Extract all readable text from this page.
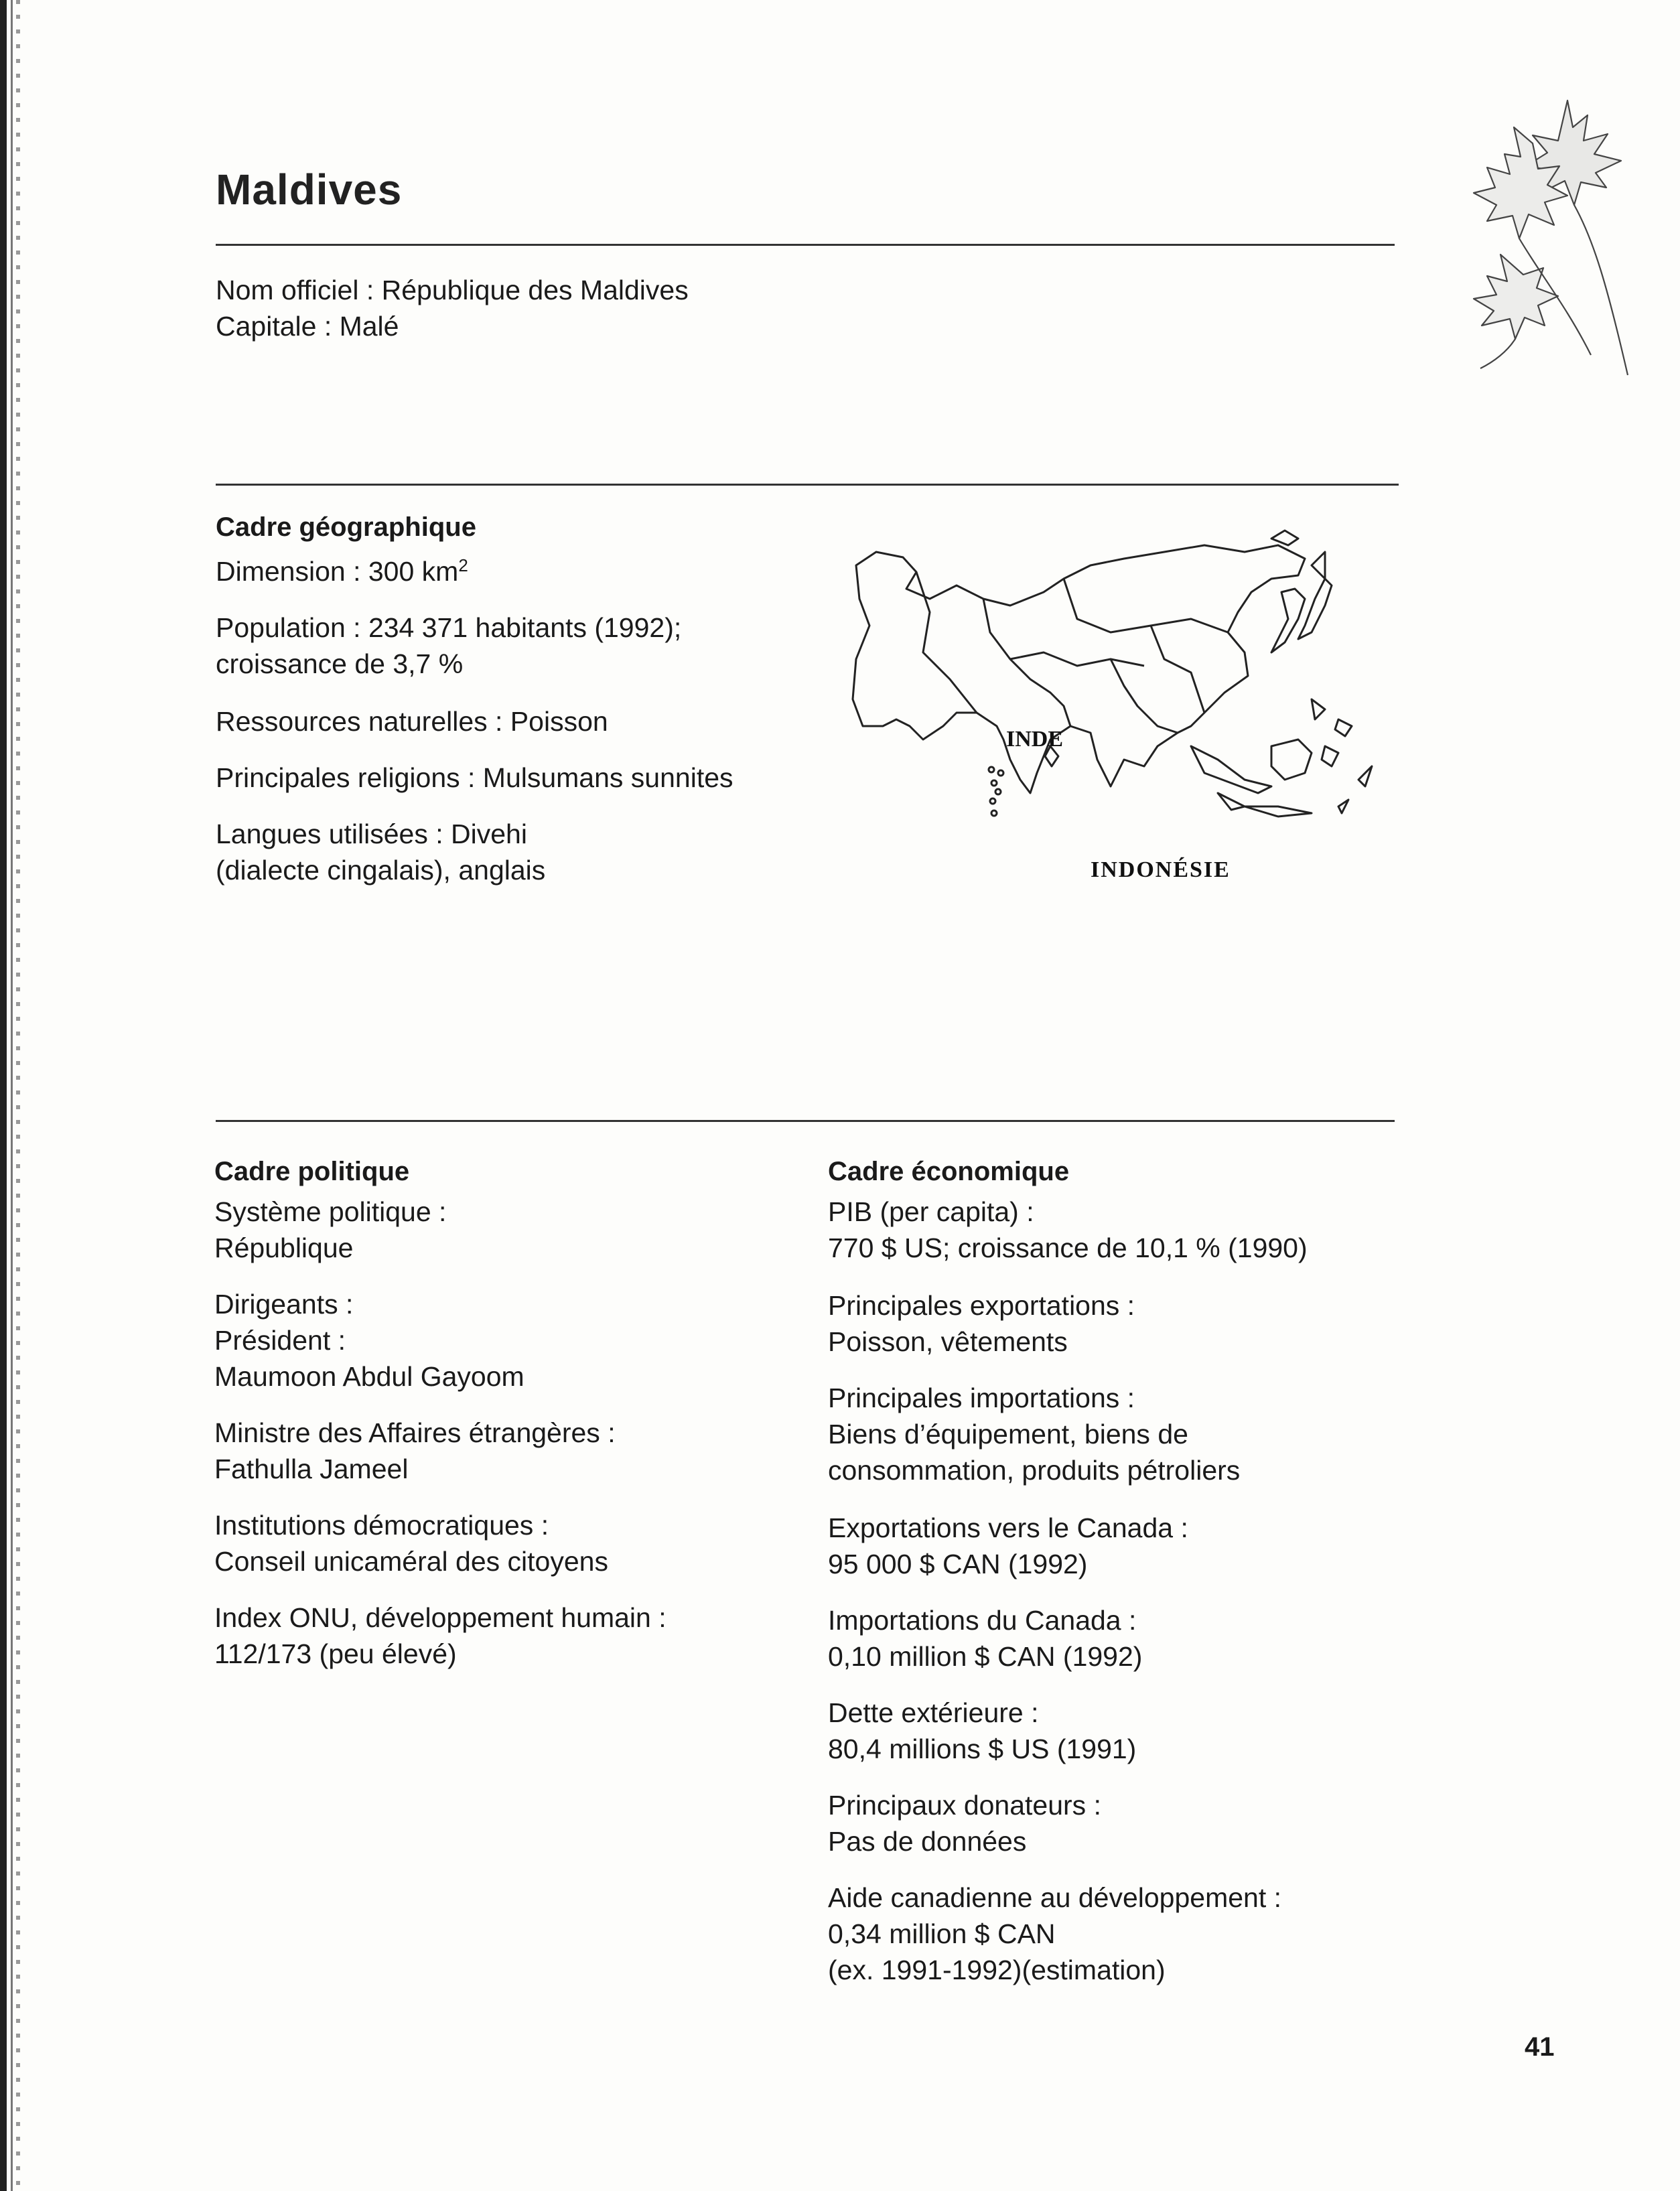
Maldives
Nom officiel : République des Maldives
Capitale : Malé
Cadre géographique
Dimension : 300 $km^2$
Population : 234 371 habitants (1992);
croissance de 3,7 %
Ressources naturelles : Poisson
Principales religions : Mulsumans sunnites
Langues utilisées : Divehi
(dialecte cingalais), anglais
INDE
INDONÉSIE
Cadre politique
Système politique :
République
Dirigeants :
Président :
Maumoon Abdul Gayoom
Ministre des Affaires étrangères :
Fathulla Jameel
Institutions démocratiques :
Conseil unicaméral des citoyens
Index ONU, développement humain :
112/173 (peu élevé)
Cadre économique
PIB (per capita) :
770 $ US; croissance de 10,1 % (1990)
Principales exportations :
Poisson, vêtements
Principales importations :
Biens d’équipement, biens de
consommation, produits pétroliers
Exportations vers le Canada :
95 000 $ CAN (1992)
Importations du Canada :
0,10 million $ CAN (1992)
Dette extérieure :
80,4 millions $ US (1991)
Principaux donateurs :
Pas de données
Aide canadienne au développement :
0,34 million $ CAN
(ex. 1991-1992)(estimation)
41
